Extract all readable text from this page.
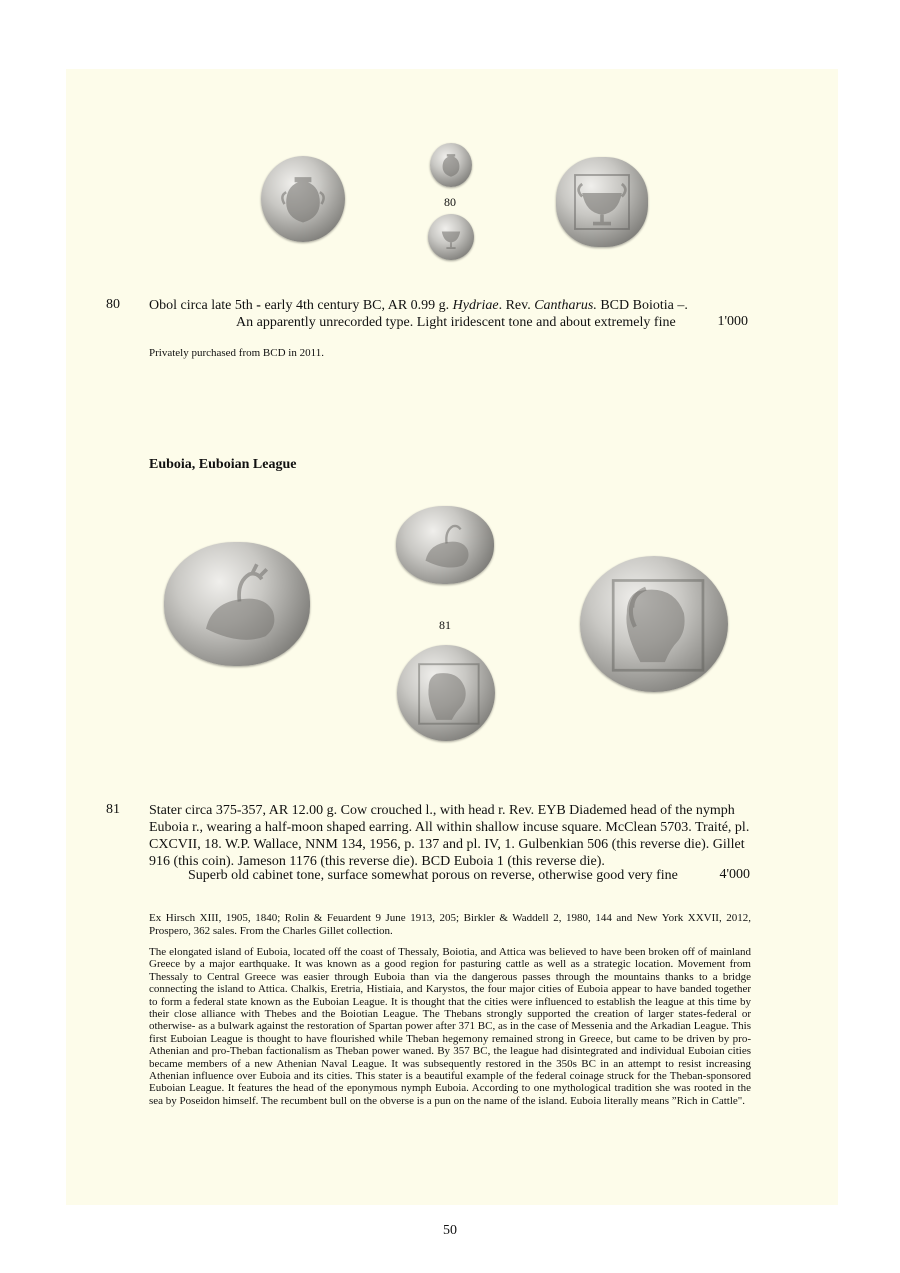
80
80 Obol circa late 5th - early 4th century BC, AR 0.99 g. Hydriae. Rev. Cantharus. BCD Boiotia –.
An apparently unrecorded type. Light iridescent tone and about extremely fine	1'000
Privately purchased from BCD in 2011.
Euboia, Euboian League
81
81 Stater circa 375-357, AR 12.00 g. Cow crouched l., with head r. Rev. EYB Diademed head of the nymph
Euboia r., wearing a half-moon shaped earring. All within shallow incuse square. McClean 5703. Traité, pl.
CXCVII, 18. W.P. Wallace, NNM 134, 1956, p. 137 and pl. IV, 1. Gulbenkian 506 (this reverse die). Gillet
916 (this coin). Jameson 1176 (this reverse die). BCD Euboia 1 (this reverse die).
Superb old cabinet tone, surface somewhat porous on reverse, otherwise good very fine	4'000
Ex Hirsch XIII, 1905, 1840; Rolin & Feuardent 9 June 1913, 205; Birkler & Waddell 2, 1980, 144 and New York XXVII, 2012, Prospero, 362 sales. From the Charles Gillet collection.
The elongated island of Euboia, located off the coast of Thessaly, Boiotia, and Attica was believed to have been broken off of mainland Greece by a major earthquake. It was known as a good region for pasturing cattle as well as a strategic location. Movement from Thessaly to Central Greece was easier through Euboia than via the dangerous passes through the mountains thanks to a bridge connecting the island to Attica. Chalkis, Eretria, Histiaia, and Karystos, the four major cities of Euboia appear to have banded together to form a federal state known as the Euboian League. It is thought that the cities were influenced to establish the league at this time by their close alliance with Thebes and the Boiotian League. The Thebans strongly supported the creation of larger states-federal or otherwise- as a bulwark against the restoration of Spartan power after 371 BC, as in the case of Messenia and the Arkadian League. This first Euboian League is thought to have flourished while Theban hegemony remained strong in Greece, but came to be driven by pro-Athenian and pro-Theban factionalism as Theban power waned. By 357 BC, the league had disintegrated and individual Euboian cities became members of a new Athenian Naval League. It was subsequently restored in the 350s BC in an attempt to resist increasing Athenian influence over Euboia and its cities. This stater is a beautiful example of the federal coinage struck for the Theban-sponsored Euboian League. It features the head of the eponymous nymph Euboia. According to one mythological tradition she was rooted in the sea by Poseidon himself. The recumbent bull on the obverse is a pun on the name of the island. Euboia literally means ”Rich in Cattle".
50
